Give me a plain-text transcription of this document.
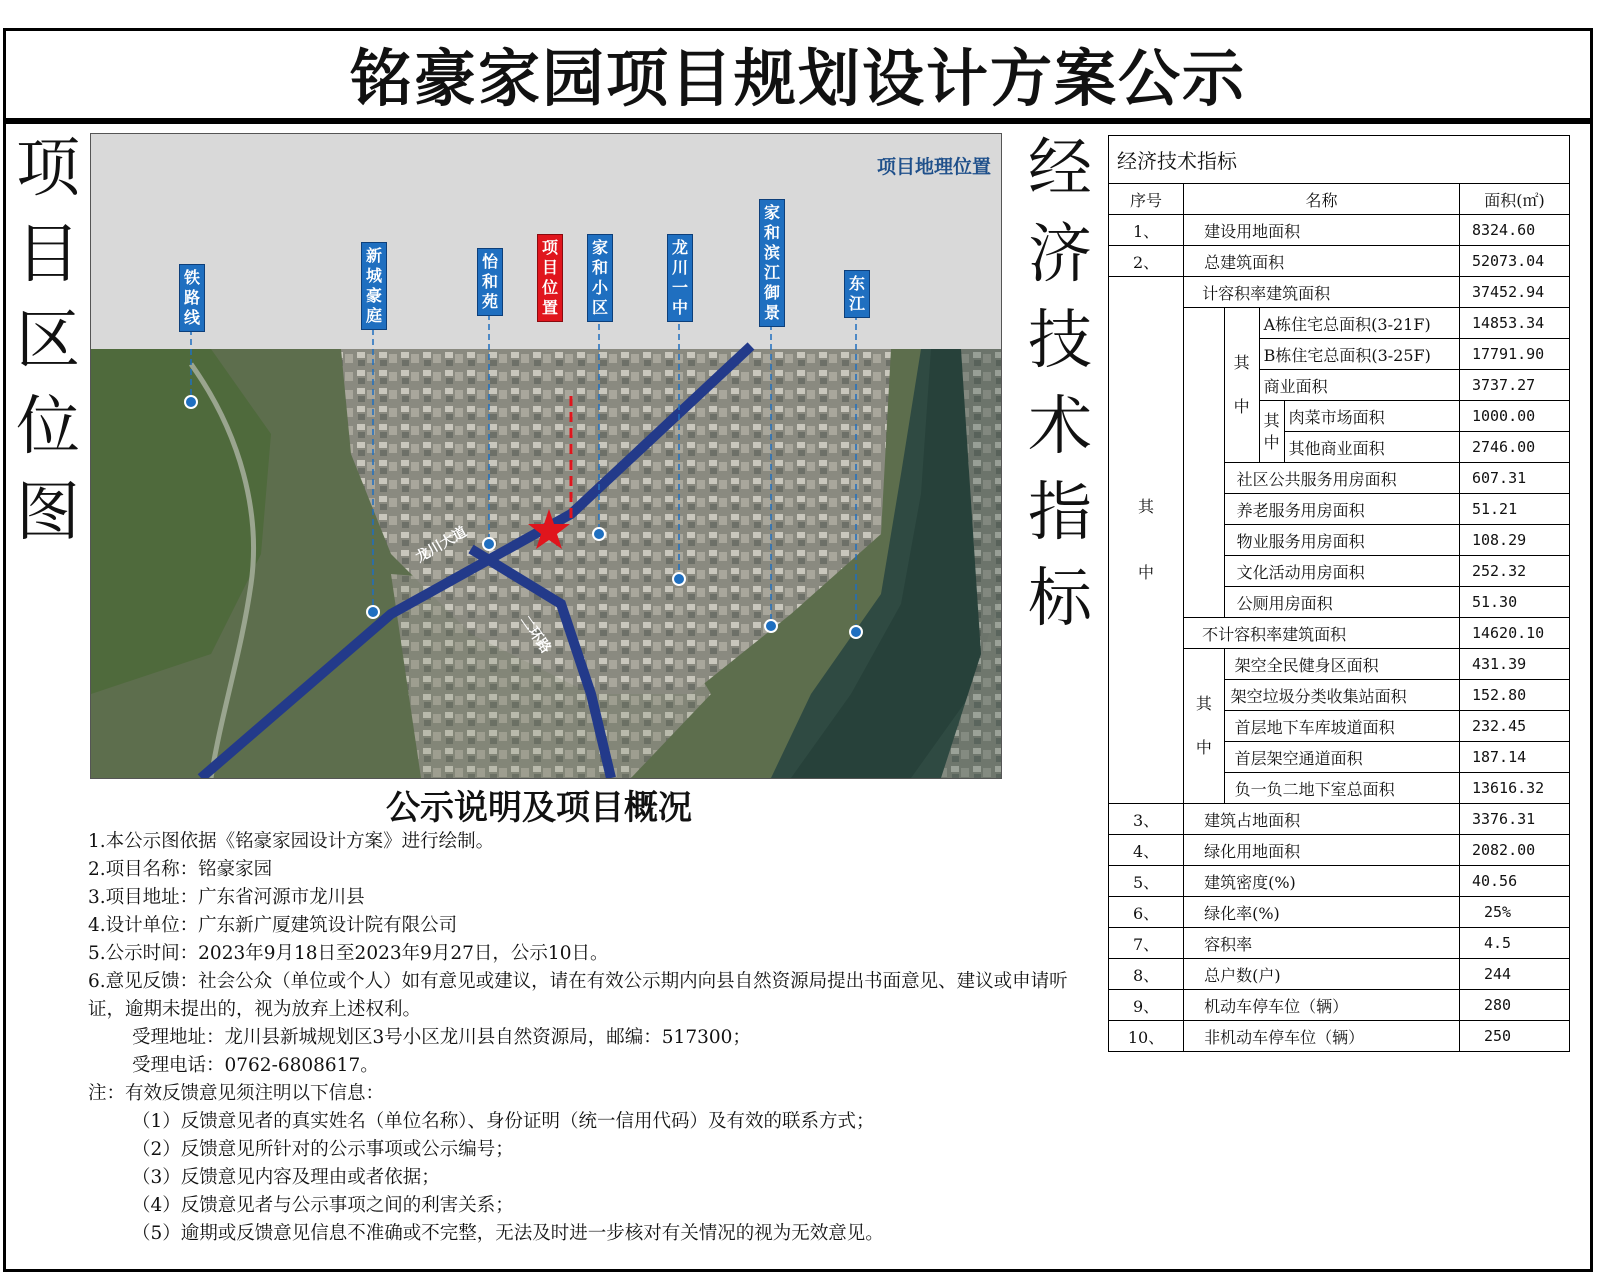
铭豪家园项目规划设计方案公示
项
目
区
位
图
经
济
技
术
指
标
项目地理位置
铁
路
线
新
城
豪
庭
怡
和
苑
项
目
位
置
家
和
小
区
龙
川
一
中
家
和
滨
江
御
景
东
江
龙川大道
二环路
公示说明及项目概况

1.本公示图依据《铭豪家园设计方案》进行绘制。

2.项目名称：铭豪家园

3.项目地址：广东省河源市龙川县

4.设计单位：广东新广厦建筑设计院有限公司

5.公示时间：2023年9月18日至2023年9月27日，公示10日。

6.意见反馈：社会公众（单位或个人）如有意见或建议，请在有效公示期内向县自然资源局提出书面意见、建议或申请听证，逾期未提出的，视为放弃上述权利。

受理地址：龙川县新城规划区3号小区龙川县自然资源局，邮编：517300；

受理电话：0762-6808617。

注：有效反馈意见须注明以下信息：

（1）反馈意见者的真实姓名（单位名称）、身份证明（统一信用代码）及有效的联系方式；

（2）反馈意见所针对的公示事项或公示编号；

（3）反馈意见内容及理由或者依据；

（4）反馈意见者与公示事项之间的利害关系；

（5）逾期或反馈意见信息不准确或不完整，无法及时进一步核对有关情况的视为无效意见。

经济技术指标					
序号	名称				面积(㎡)
1、	建设用地面积				8324.60
2、	总建筑面积				52073.04
其

中	计容积率建筑面积				37452.94
		其

中	A栋住宅总面积(3-21F)		14853.34
			B栋住宅总面积(3-25F)		17791.90
			商业面积		3737.27
			其
中	肉菜市场面积	1000.00
				其他商业面积	2746.00
		社区公共服务用房面积			607.31
		养老服务用房面积			51.21
		物业服务用房面积			108.29
		文化活动用房面积			252.32
		公厕用房面积			51.30
	不计容积率建筑面积				14620.10
	其

中	架空全民健身区面积			431.39
		架空垃圾分类收集站面积			152.80
		首层地下车库坡道面积			232.45
		首层架空通道面积			187.14
		负一负二地下室总面积			13616.32
3、	建筑占地面积				3376.31
4、	绿化用地面积				2082.00
5、	建筑密度(%)				40.56
6、	绿化率(%)				25%
7、	容积率				4.5
8、	总户数(户)				244
9、	机动车停车位（辆）				280
10、	非机动车停车位（辆）				250
